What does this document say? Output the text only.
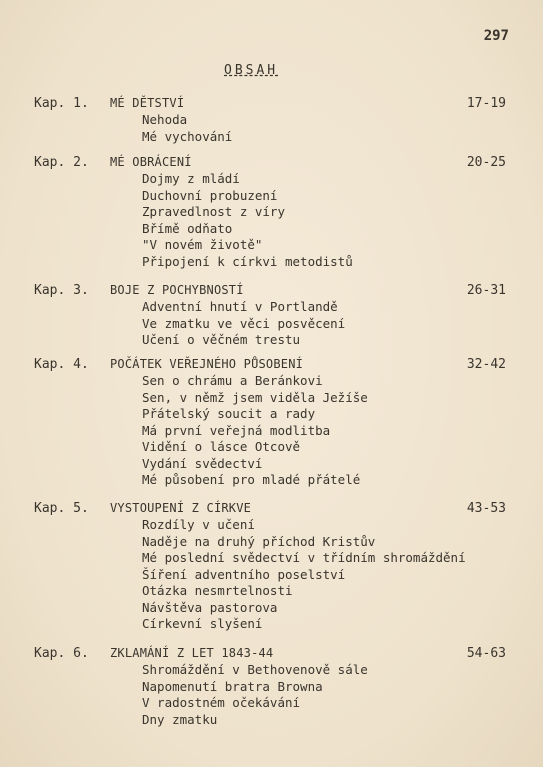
297
OBSAH
Kap. 1. MÉ DĚTSTVÍ	17-19
Nehoda
Mé vychování
Kap. 2. MÉ OBRÁCENÍ	20-25
Dojmy z mládí
Duchovní probuzení
Zpravedlnost z víry
Břímě odňato
"V novém životě"
Připojení k církvi metodistů
Kap. 3. BOJE Z POCHYBNOSTÍ	26-31
Adventní hnutí v Portlandě
Ve zmatku ve věci posvěcení
Učení o věčném trestu
Kap. 4. POČÁTEK VEŘEJNÉHO PŮSOBENÍ	32-42
Sen o chrámu a Beránkovi
Sen, v němž jsem viděla Ježíše
Přátelský soucit a rady
Má první veřejná modlitba
Vidění o lásce Otcově
Vydání svědectví
Mé působení pro mladé přátelé
Kap. 5. VYSTOUPENÍ Z CÍRKVE	43-53
Rozdíly v učení
Naděje na druhý příchod Kristův
Mé poslední svědectví v třídním shromáždění
Šíření adventního poselství
Otázka nesmrtelnosti
Návštěva pastorova
Církevní slyšení
Kap. 6. ZKLAMÁNÍ Z LET 1843-44	54-63
Shromáždění v Bethovenově sále
Napomenutí bratra Browna
V radostném očekávání
Dny zmatku
